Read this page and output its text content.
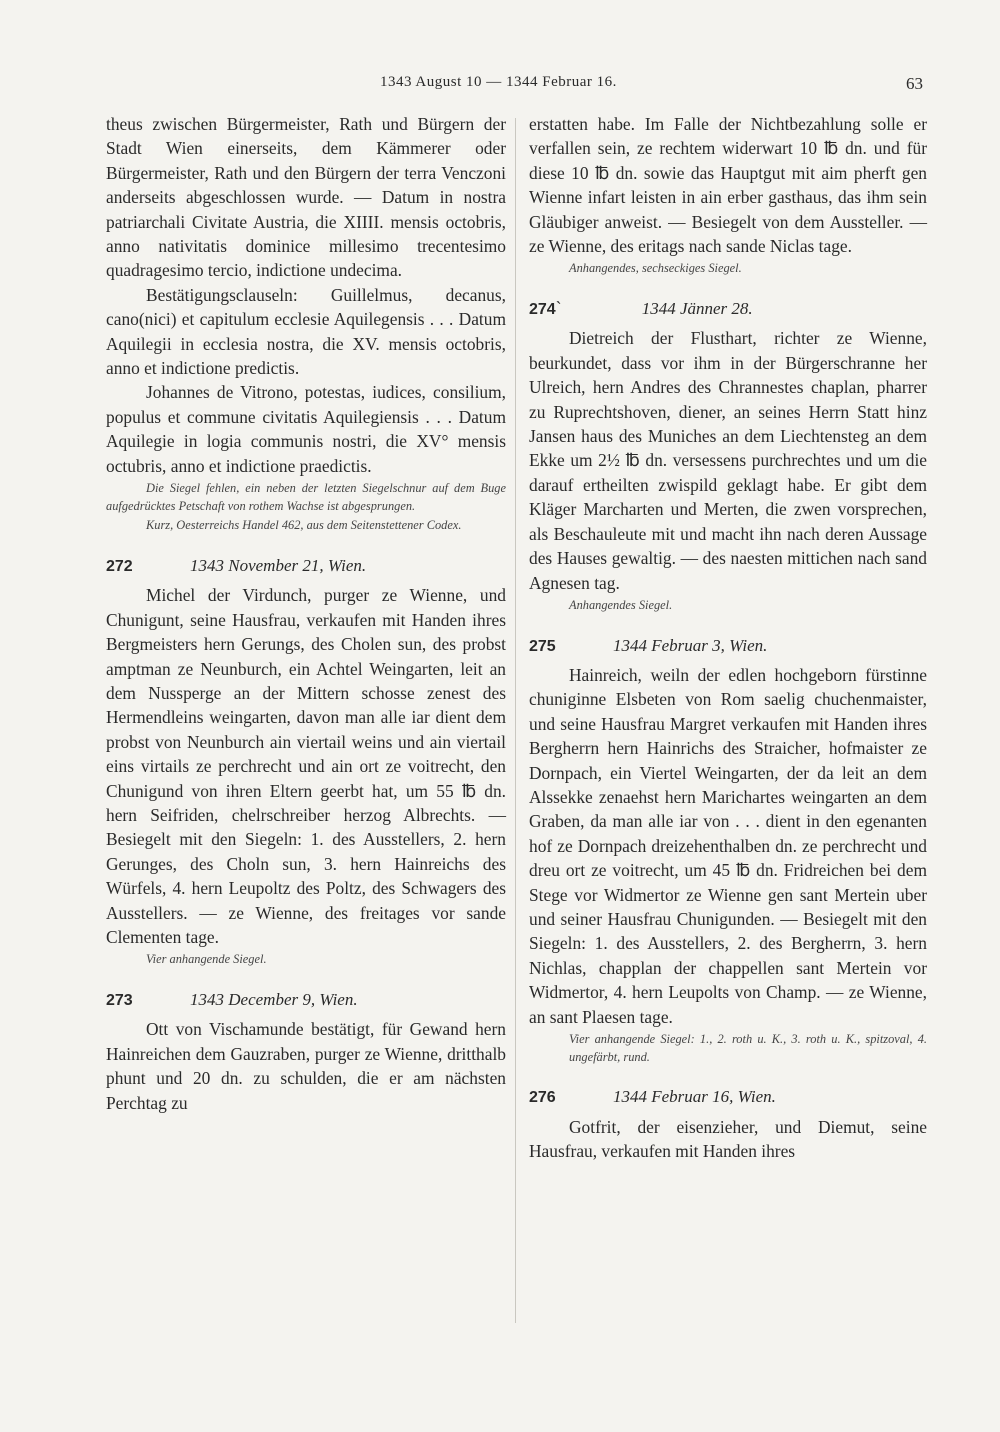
1343 August 10 — 1344 Februar 16.	63

theus zwischen Bürgermeister, Rath und Bürgern der Stadt Wien einerseits, dem Kämmerer oder Bürgermeister, Rath und den Bürgern der terra Venczoni anderseits abgeschlossen wurde. — Datum in nostra patriarchali Civitate Austria, die XIIII. mensis octobris, anno nativitatis dominice millesimo trecentesimo quadragesimo tercio, indictione undecima.

Bestätigungsclauseln: Guillelmus, decanus, cano(nici) et capitulum ecclesie Aquilegensis . . . Datum Aquilegii in ecclesia nostra, die XV. mensis octobris, anno et indictione predictis.

Johannes de Vitrono, potestas, iudices, consilium, populus et commune civitatis Aquilegiensis . . . Datum Aquilegie in logia communis nostri, die XV° mensis octubris, anno et indictione praedictis.

Die Siegel fehlen, ein neben der letzten Siegelschnur auf dem Buge aufgedrücktes Petschaft von rothem Wachse ist abgesprungen.

Kurz, Oesterreichs Handel 462, aus dem Seitenstettener Codex.

272	1343 November 21, Wien.

Michel der Virdunch, purger ze Wienne, und Chunigunt, seine Hausfrau, verkaufen mit Handen ihres Bergmeisters hern Gerungs, des Cholen sun, des probst amptman ze Neunburch, ein Achtel Weingarten, leit an dem Nussperge an der Mittern schosse zenest des Hermendleins weingarten, davon man alle iar dient dem probst von Neunburch ain viertail weins und ain viertail eins virtails ze perchrecht und ain ort ze voitrecht, den Chunigund von ihren Eltern geerbt hat, um 55 ℔ dn. hern Seifriden, chelrschreiber herzog Albrechts. — Besiegelt mit den Siegeln: 1. des Ausstellers, 2. hern Gerunges, des Choln sun, 3. hern Hainreichs des Würfels, 4. hern Leupoltz des Poltz, des Schwagers des Ausstellers. — ze Wienne, des freitages vor sande Clementen tage.

Vier anhangende Siegel.

273	1343 December 9, Wien.

Ott von Vischamunde bestätigt, für Gewand hern Hainreichen dem Gauzraben, purger ze Wienne, dritthalb phunt und 20 dn. zu schulden, die er am nächsten Perchtag zu

erstatten habe. Im Falle der Nichtbezahlung solle er verfallen sein, ze rechtem widerwart 10 ℔ dn. und für diese 10 ℔ dn. sowie das Hauptgut mit aim pherft gen Wienne infart leisten in ain erber gasthaus, das ihm sein Gläubiger anweist. — Besiegelt von dem Aussteller. — ze Wienne, des eritags nach sande Niclas tage.

Anhangendes, sechseckiges Siegel.

274`	1344 Jänner 28.

Dietreich der Flusthart, richter ze Wienne, beurkundet, dass vor ihm in der Bürgerschranne her Ulreich, hern Andres des Chrannestes chaplan, pharrer zu Ruprechtshoven, diener, an seines Herrn Statt hinz Jansen haus des Muniches an dem Liechtensteg an dem Ekke um 2½ ℔ dn. versessens purchrechtes und um die darauf ertheilten zwispild geklagt habe. Er gibt dem Kläger Marcharten und Merten, die zwen vorsprechen, als Beschauleute mit und macht ihn nach deren Aussage des Hauses gewaltig. — des naesten mittichen nach sand Agnesen tag.

Anhangendes Siegel.

275	1344 Februar 3, Wien.

Hainreich, weiln der edlen hochgeborn fürstinne chuniginne Elsbeten von Rom saelig chuchenmaister, und seine Hausfrau Margret verkaufen mit Handen ihres Bergherrn hern Hainrichs des Straicher, hofmaister ze Dornpach, ein Viertel Weingarten, der da leit an dem Alssekke zenaehst hern Marichartes weingarten an dem Graben, da man alle iar von . . . dient in den egenanten hof ze Dornpach dreizehenthalben dn. ze perchrecht und dreu ort ze voitrecht, um 45 ℔ dn. Fridreichen bei dem Stege vor Widmertor ze Wienne gen sant Mertein uber und seiner Hausfrau Chunigunden. — Besiegelt mit den Siegeln: 1. des Ausstellers, 2. des Bergherrn, 3. hern Nichlas, chapplan der chappellen sant Mertein vor Widmertor, 4. hern Leupolts von Champ. — ze Wienne, an sant Plaesen tage.

Vier anhangende Siegel: 1., 2. roth u. K., 3. roth u. K., spitzoval, 4. ungefärbt, rund.

276	1344 Februar 16, Wien.

Gotfrit, der eisenzieher, und Diemut, seine Hausfrau, verkaufen mit Handen ihres
